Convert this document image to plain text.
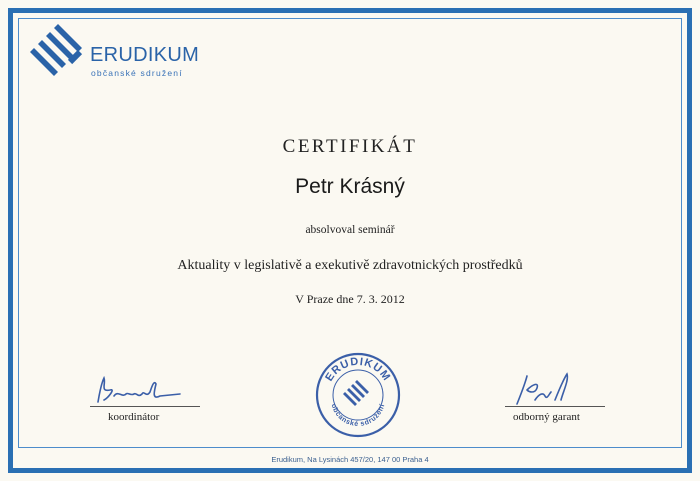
Erudikum, Na Lysinách 457/20, 147 00 Praha 4
ERUDIKUM
občanské sdružení
CERTIFIKÁT
Petr Krásný
absolvoval seminář
Aktuality v legislativě a exekutivě zdravotnických prostředků
V Praze dne 7. 3. 2012
koordinátor
ERUDIKUM
občanské sdružení
odborný garant
